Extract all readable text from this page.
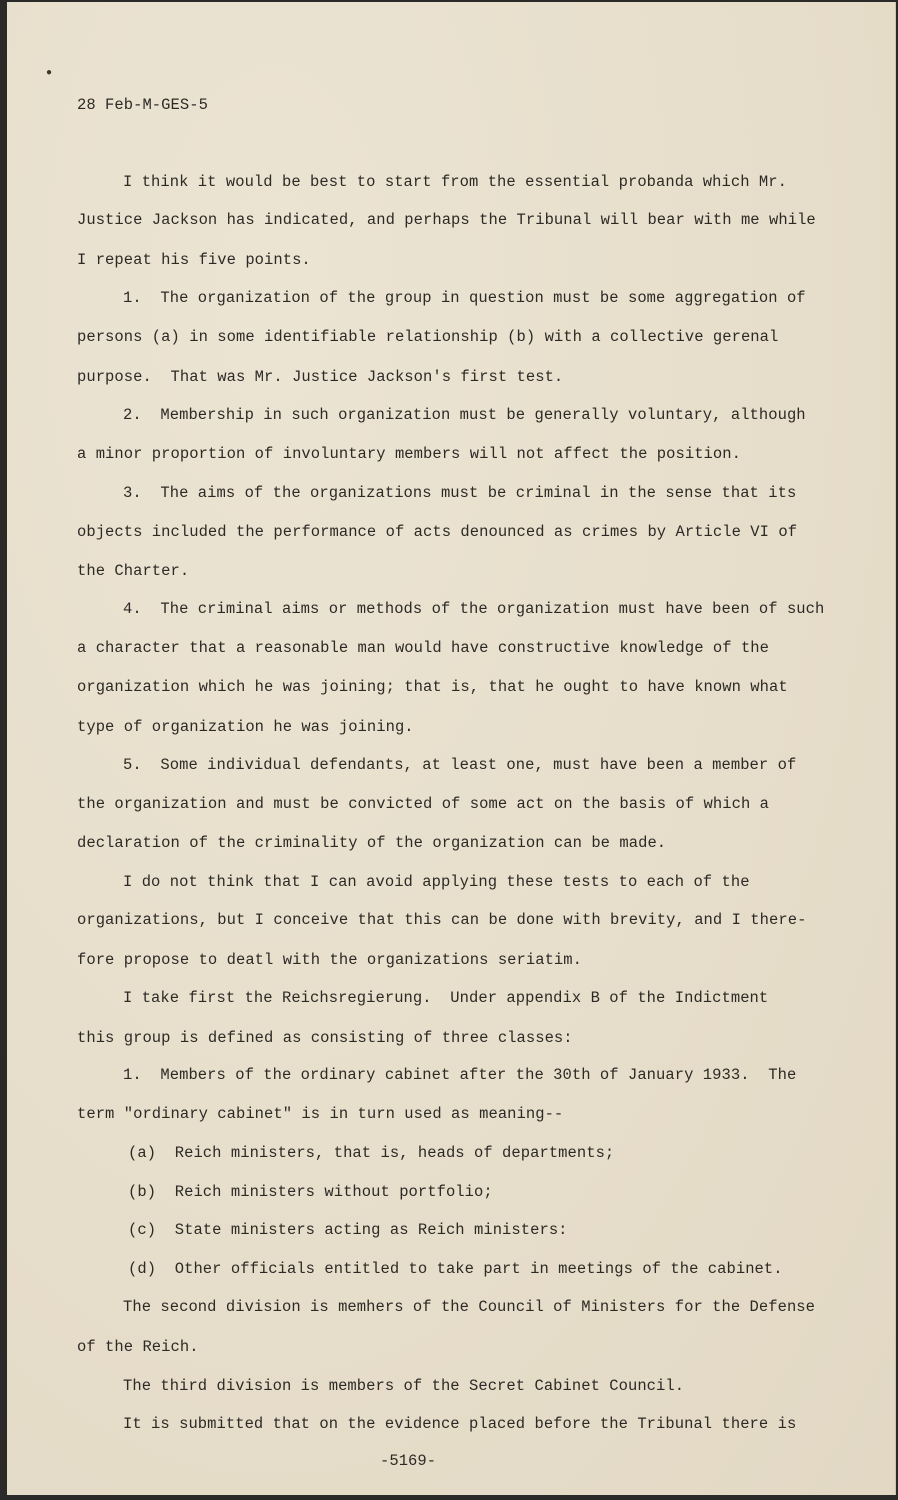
●
28 Feb-M-GES-5
I think it would be best to start from the essential probanda which Mr.
Justice Jackson has indicated, and perhaps the Tribunal will bear with me while
I repeat his five points.
1.  The organization of the group in question must be some aggregation of
persons (a) in some identifiable relationship (b) with a collective gerenal
purpose.  That was Mr. Justice Jackson's first test.
2.  Membership in such organization must be generally voluntary, although
a minor proportion of involuntary members will not affect the position.
3.  The aims of the organizations must be criminal in the sense that its
objects included the performance of acts denounced as crimes by Article VI of
the Charter.
4.  The criminal aims or methods of the organization must have been of such
a character that a reasonable man would have constructive knowledge of the
organization which he was joining; that is, that he ought to have known what
type of organization he was joining.
5.  Some individual defendants, at least one, must have been a member of
the organization and must be convicted of some act on the basis of which a
declaration of the criminality of the organization can be made.
I do not think that I can avoid applying these tests to each of the
organizations, but I conceive that this can be done with brevity, and I there-
fore propose to deatl with the organizations seriatim.
I take first the Reichsregierung.  Under appendix B of the Indictment
this group is defined as consisting of three classes:
1.  Members of the ordinary cabinet after the 30th of January 1933.  The
term "ordinary cabinet" is in turn used as meaning--
(a)  Reich ministers, that is, heads of departments;
(b)  Reich ministers without portfolio;
(c)  State ministers acting as Reich ministers:
(d)  Other officials entitled to take part in meetings of the cabinet.
The second division is memhers of the Council of Ministers for the Defense
of the Reich.
The third division is members of the Secret Cabinet Council.
It is submitted that on the evidence placed before the Tribunal there is
-5169-
